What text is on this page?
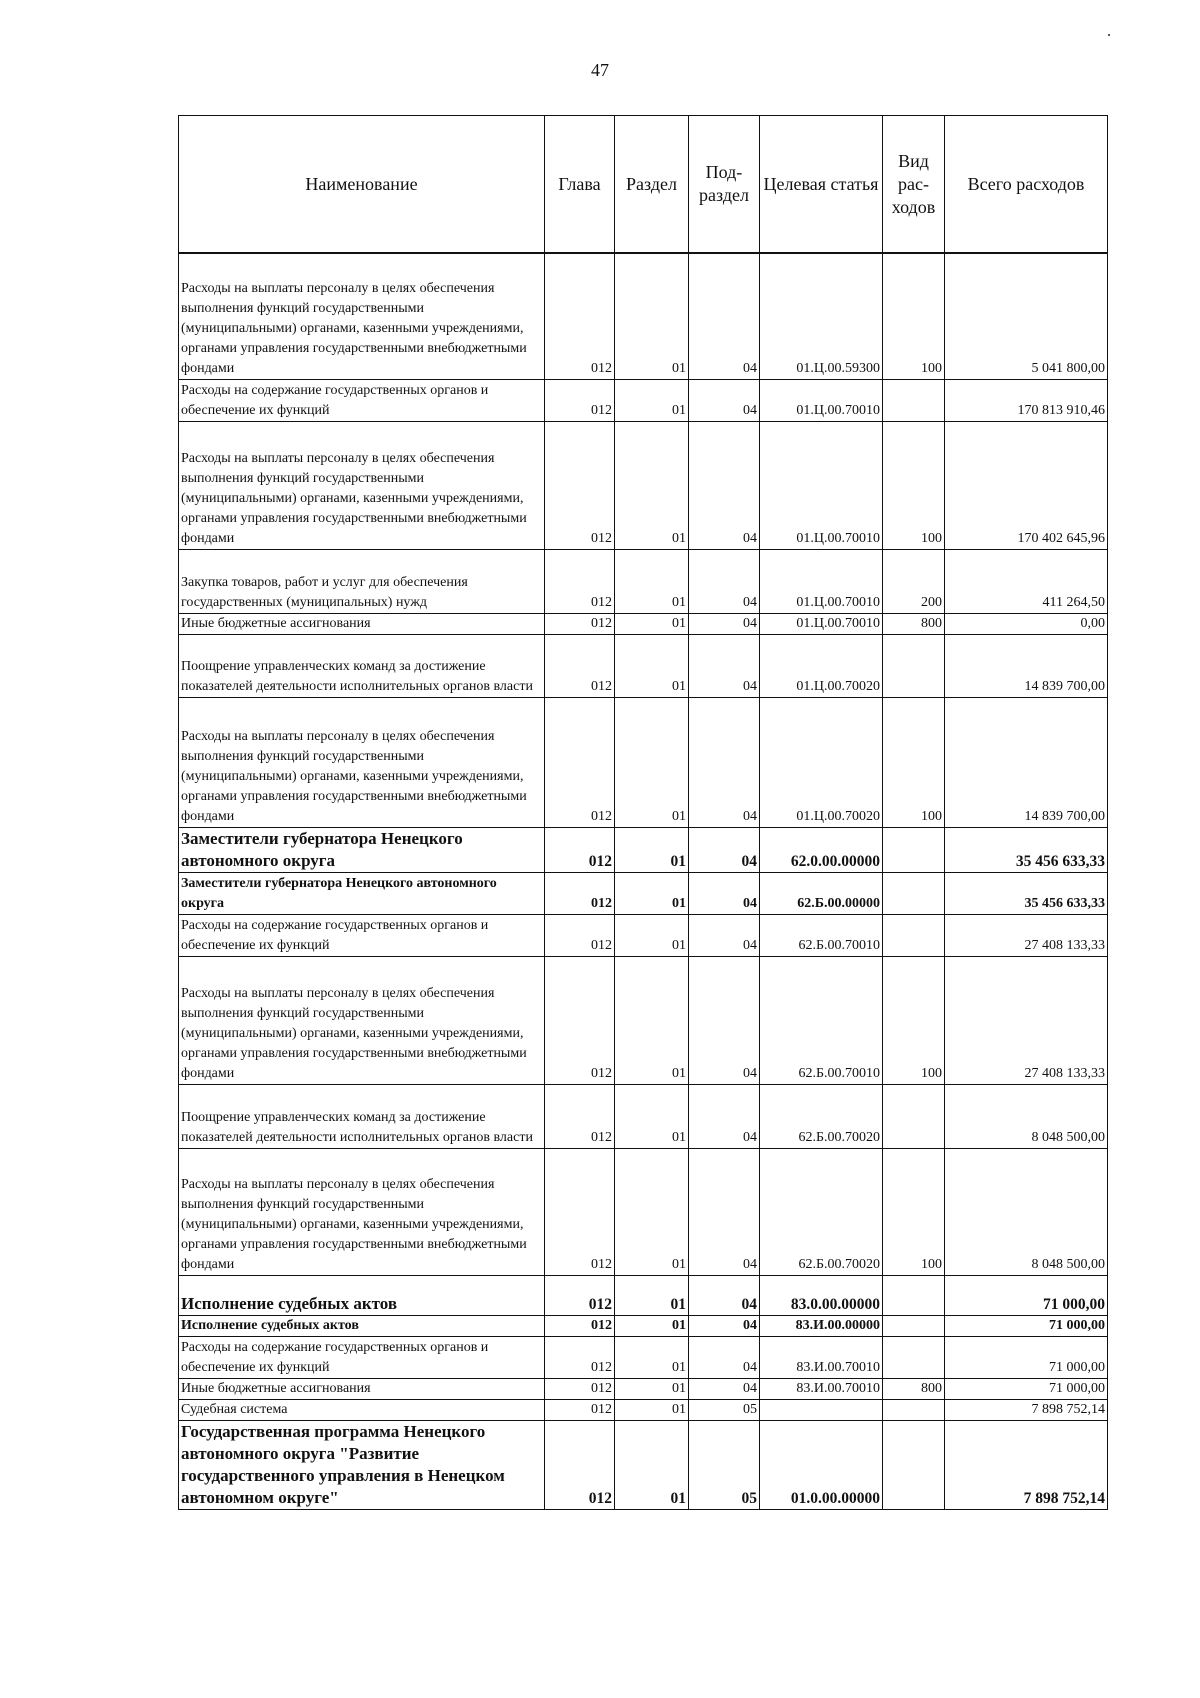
47
Наименование	Глава	Раздел	Под-раздел	Целевая статья	Вид рас-ходов	Всего расходов
Расходы на выплаты персоналу в целях обеспечения выполнения функций государственными (муниципальными) органами, казенными учреждениями, органами управления государственными внебюджетными фондами	012	01	04	01.Ц.00.59300	100	5 041 800,00
Расходы на содержание государственных органов и обеспечение их функций	012	01	04	01.Ц.00.70010		170 813 910,46
Расходы на выплаты персоналу в целях обеспечения выполнения функций государственными (муниципальными) органами, казенными учреждениями, органами управления государственными внебюджетными фондами	012	01	04	01.Ц.00.70010	100	170 402 645,96
Закупка товаров, работ и услуг для обеспечения государственных (муниципальных) нужд	012	01	04	01.Ц.00.70010	200	411 264,50
Иные бюджетные ассигнования	012	01	04	01.Ц.00.70010	800	0,00
Поощрение управленческих команд за достижение показателей деятельности исполнительных органов власти	012	01	04	01.Ц.00.70020		14 839 700,00
Расходы на выплаты персоналу в целях обеспечения выполнения функций государственными (муниципальными) органами, казенными учреждениями, органами управления государственными внебюджетными фондами	012	01	04	01.Ц.00.70020	100	14 839 700,00
Заместители губернатора Ненецкого автономного округа	012	01	04	62.0.00.00000		35 456 633,33
Заместители губернатора Ненецкого автономного округа	012	01	04	62.Б.00.00000		35 456 633,33
Расходы на содержание государственных органов и обеспечение их функций	012	01	04	62.Б.00.70010		27 408 133,33
Расходы на выплаты персоналу в целях обеспечения выполнения функций государственными (муниципальными) органами, казенными учреждениями, органами управления государственными внебюджетными фондами	012	01	04	62.Б.00.70010	100	27 408 133,33
Поощрение управленческих команд за достижение показателей деятельности исполнительных органов власти	012	01	04	62.Б.00.70020		8 048 500,00
Расходы на выплаты персоналу в целях обеспечения выполнения функций государственными (муниципальными) органами, казенными учреждениями, органами управления государственными внебюджетными фондами	012	01	04	62.Б.00.70020	100	8 048 500,00
Исполнение судебных актов	012	01	04	83.0.00.00000		71 000,00
Исполнение судебных актов	012	01	04	83.И.00.00000		71 000,00
Расходы на содержание государственных органов и обеспечение их функций	012	01	04	83.И.00.70010		71 000,00
Иные бюджетные ассигнования	012	01	04	83.И.00.70010	800	71 000,00
Судебная система	012	01	05			7 898 752,14
Государственная программа Ненецкого автономного округа "Развитие государственного управления в Ненецком автономном округе"	012	01	05	01.0.00.00000		7 898 752,14
